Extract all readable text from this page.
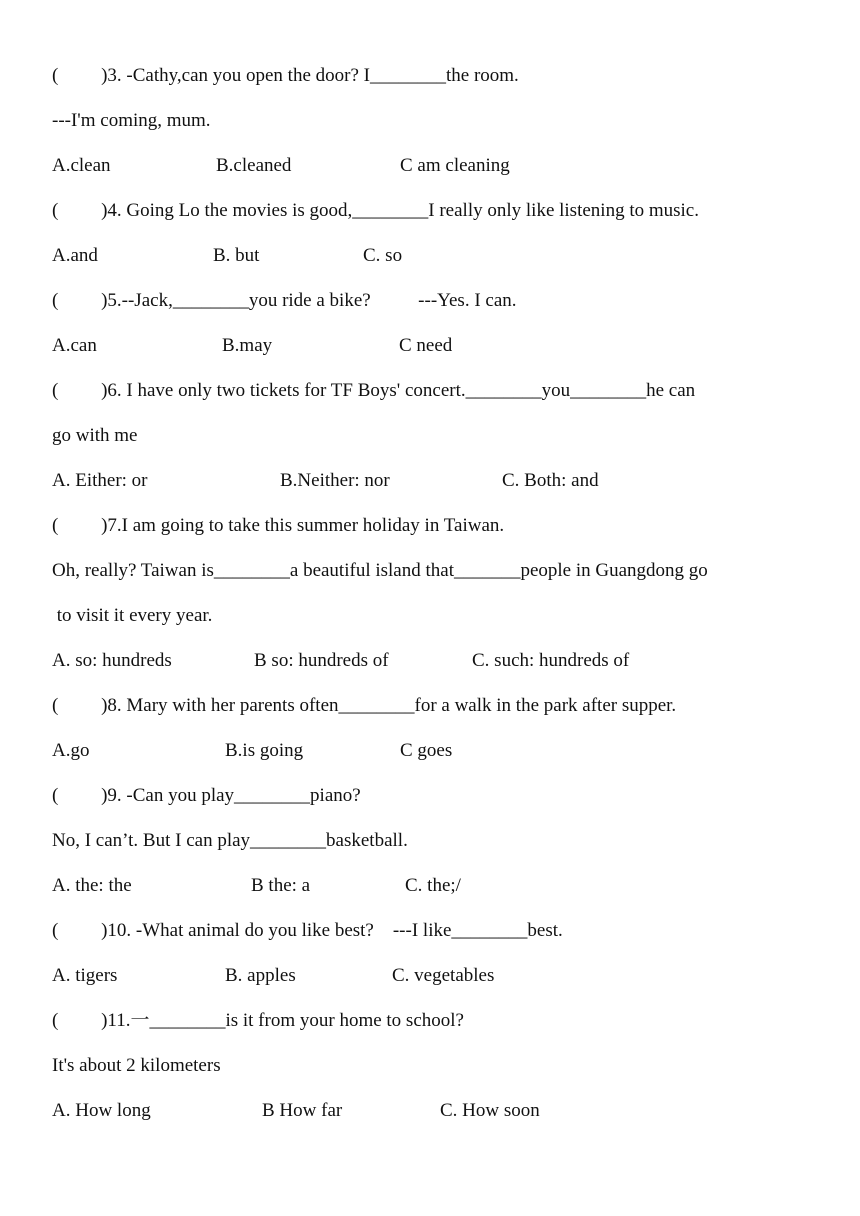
(         )3. -Cathy,can you open the door? I________the room.
---I'm coming, mum.

A.clean

	B.cleaned

	C am cleaning

(         )4. Going Lo the movies is good,________I really only like listening to music.

A.and

	B. but

	C. so

(         )5.--Jack,________you ride a bike?          ---Yes. I can.

A.can

	B.may

	C need

(         )6. I have only two tickets for TF Boys' concert.________you________he can
go with me

A. Either: or

	B.Neither: nor

	C. Both: and

(         )7.I am going to take this summer holiday in Taiwan.
Oh, really? Taiwan is________a beautiful island that_______people in Guangdong go
to visit it every year.

A. so: hundreds

	B so: hundreds of

	C. such: hundreds of

(         )8. Mary with her parents often________for a walk in the park after supper.

A.go

	B.is going

	C goes

(         )9. -Can you play________piano?
No, I can’t. But I can play________basketball.

A. the: the

	B the: a

	C. the;/

(         )10. -What animal do you like best?    ---I like________best.

A. tigers

	B. apples

	C. vegetables

(         )11.一________is it from your home to school?
It's about 2 kilometers

A. How long

	B How far

	C. How soon
